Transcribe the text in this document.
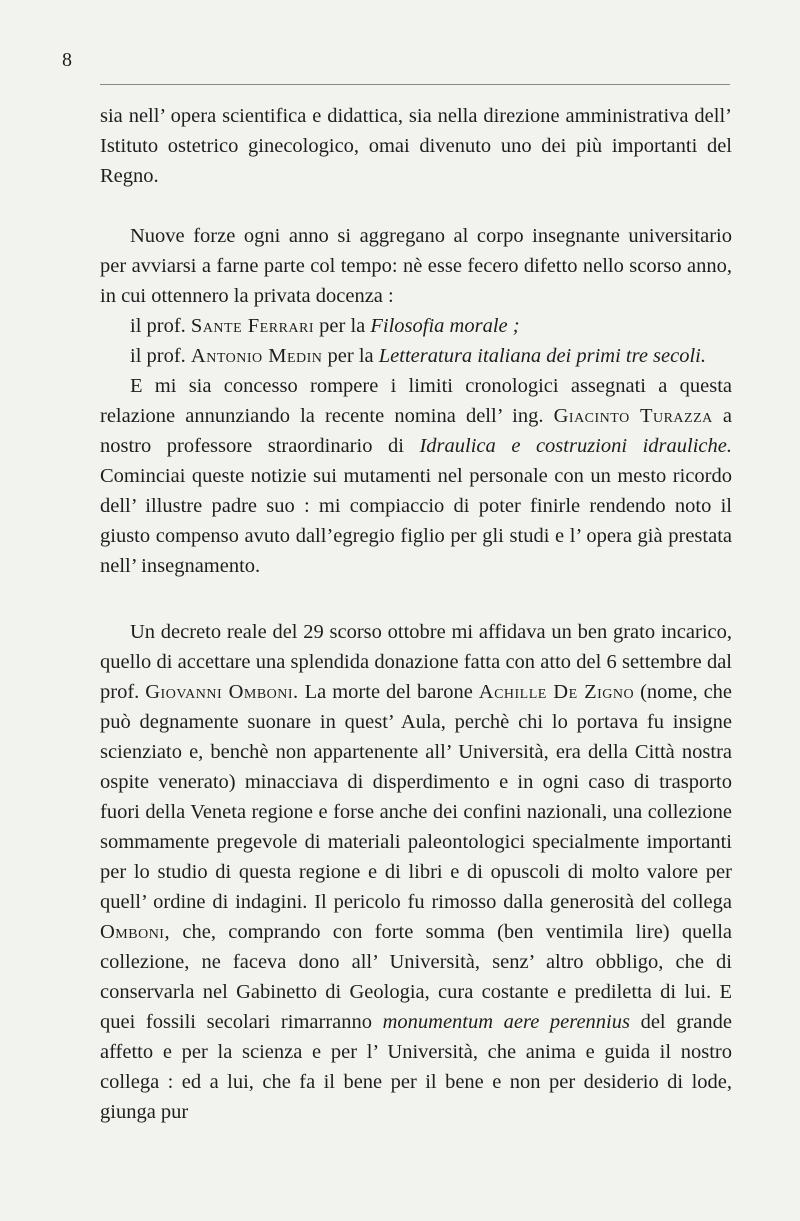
8

sia nell’ opera scientifica e didattica, sia nella direzione amministrativa dell’ Istituto ostetrico ginecologico, omai divenuto uno dei più importanti del Regno.

Nuove forze ogni anno si aggregano al corpo insegnante universitario per avviarsi a farne parte col tempo: nè esse fecero difetto nello scorso anno, in cui ottennero la privata docenza :

il prof. Sante Ferrari per la Filosofia morale ;

il prof. Antonio Medin per la Letteratura italiana dei primi tre secoli.

E mi sia concesso rompere i limiti cronologici assegnati a questa relazione annunziando la recente nomina dell’ ing. Giacinto Turazza a nostro professore straordinario di Idraulica e costruzioni idrauliche. Cominciai queste notizie sui mutamenti nel personale con un mesto ricordo dell’ illustre padre suo : mi compiaccio di poter finirle rendendo noto il giusto compenso avuto dall’egregio figlio per gli studi e l’ opera già prestata nell’ insegnamento.

Un decreto reale del 29 scorso ottobre mi affidava un ben grato incarico, quello di accettare una splendida donazione fatta con atto del 6 settembre dal prof. Giovanni Omboni. La morte del barone Achille De Zigno (nome, che può degnamente suonare in quest’ Aula, perchè chi lo portava fu insigne scienziato e, benchè non appartenente all’ Università, era della Città nostra ospite venerato) minacciava di disperdimento e in ogni caso di trasporto fuori della Veneta regione e forse anche dei confini nazionali, una collezione sommamente pregevole di materiali paleontologici specialmente importanti per lo studio di questa regione e di libri e di opuscoli di molto valore per quell’ ordine di indagini. Il pericolo fu rimosso dalla generosità del collega Omboni, che, comprando con forte somma (ben ventimila lire) quella collezione, ne faceva dono all’ Università, senz’ altro obbligo, che di conservarla nel Gabinetto di Geologia, cura costante e prediletta di lui. E quei fossili secolari rimarranno monumentum aere perennius del grande affetto e per la scienza e per l’ Università, che anima e guida il nostro collega : ed a lui, che fa il bene per il bene e non per desiderio di lode, giunga pur
